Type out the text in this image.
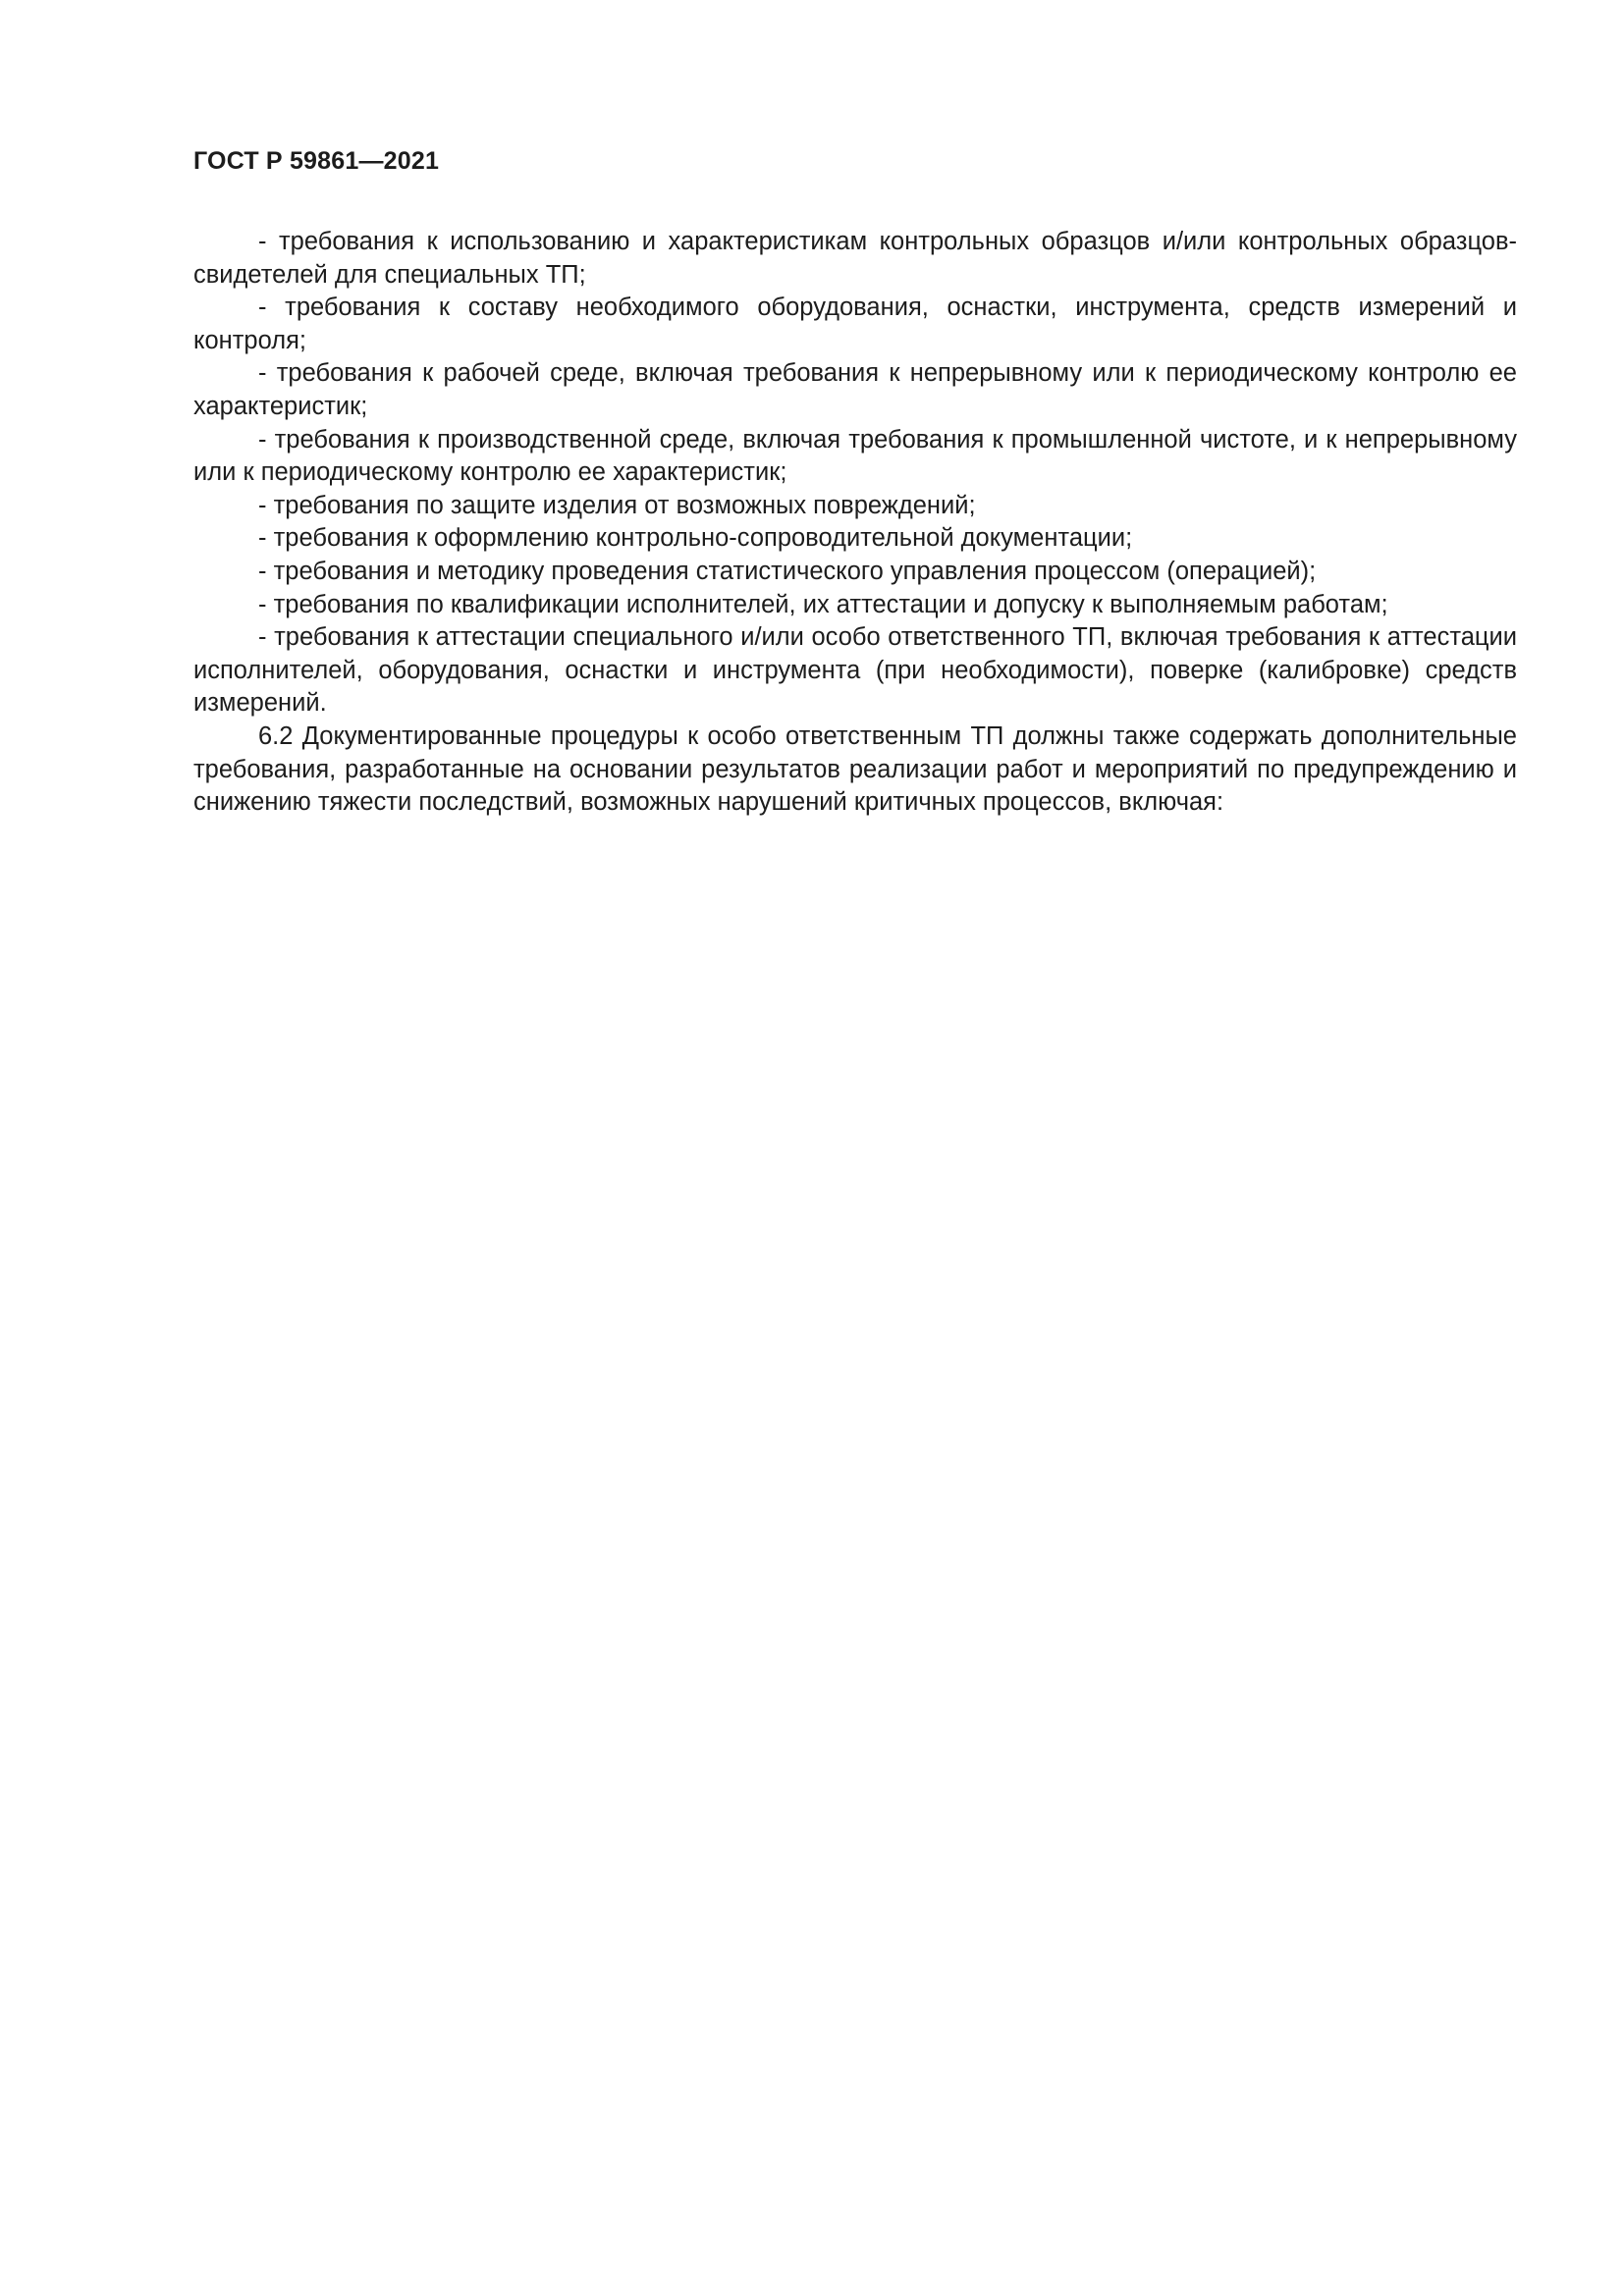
ГОСТ Р 59861—2021

- требования к использованию и характеристикам контрольных образцов и/или контрольных образцов-свидетелей для специальных ТП;

- требования к составу необходимого оборудования, оснастки, инструмента, средств измерений и контроля;

- требования к рабочей среде, включая требования к непрерывному или к периодическому контролю ее характеристик;

- требования к производственной среде, включая требования к промышленной чистоте, и к непрерывному или к периодическому контролю ее характеристик;

- требования по защите изделия от возможных повреждений;

- требования к оформлению контрольно-сопроводительной документации;

- требования и методику проведения статистического управления процессом (операцией);

- требования по квалификации исполнителей, их аттестации и допуску к выполняемым работам;

- требования к аттестации специального и/или особо ответственного ТП, включая требования к аттестации исполнителей, оборудования, оснастки и инструмента (при необходимости), поверке (калибровке) средств измерений.

6.2 Документированные процедуры к особо ответственным ТП должны также содержать дополнительные требования, разработанные на основании результатов реализации работ и мероприятий по предупреждению и снижению тяжести последствий, возможных нарушений критичных процессов, включая:
